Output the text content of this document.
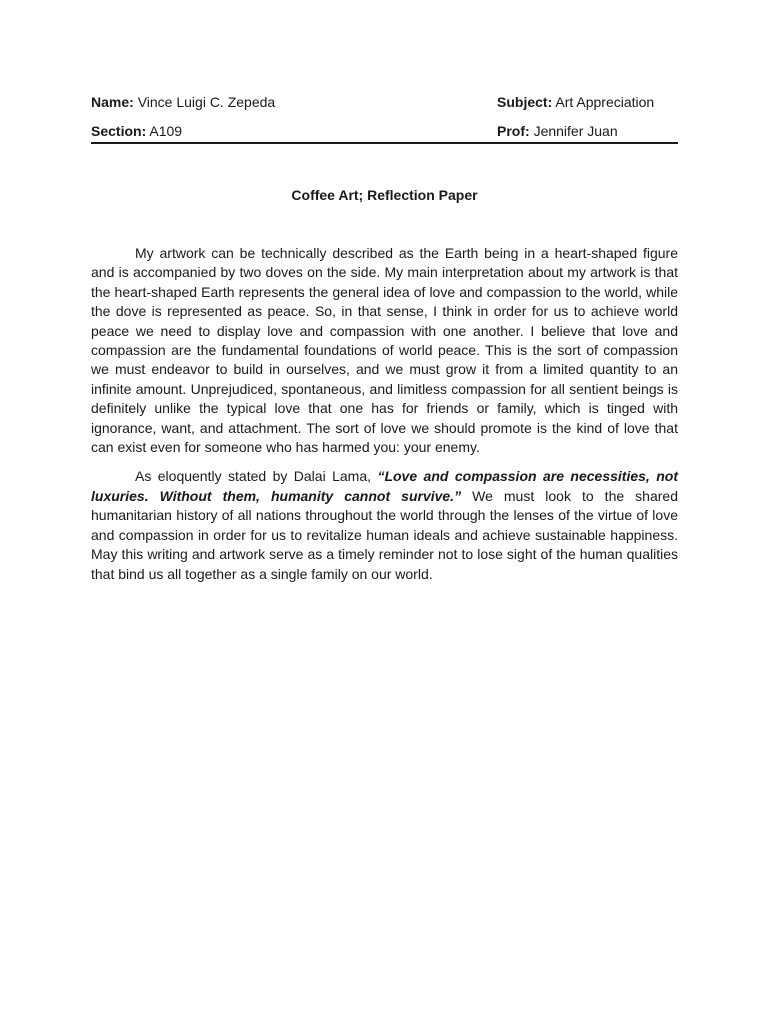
Name: Vince Luigi C. Zepeda	Subject: Art Appreciation
Section: A109	Prof: Jennifer Juan
Coffee Art; Reflection Paper

My artwork can be technically described as the Earth being in a heart-shaped figure and is accompanied by two doves on the side. My main interpretation about my artwork is that the heart-shaped Earth represents the general idea of love and compassion to the world, while the dove is represented as peace. So, in that sense, I think in order for us to achieve world peace we need to display love and compassion with one another. I believe that love and compassion are the fundamental foundations of world peace. This is the sort of compassion we must endeavor to build in ourselves, and we must grow it from a limited quantity to an infinite amount. Unprejudiced, spontaneous, and limitless compassion for all sentient beings is definitely unlike the typical love that one has for friends or family, which is tinged with ignorance, want, and attachment. The sort of love we should promote is the kind of love that can exist even for someone who has harmed you: your enemy.

As eloquently stated by Dalai Lama, “Love and compassion are necessities, not luxuries. Without them, humanity cannot survive.” We must look to the shared humanitarian history of all nations throughout the world through the lenses of the virtue of love and compassion in order for us to revitalize human ideals and achieve sustainable happiness. May this writing and artwork serve as a timely reminder not to lose sight of the human qualities that bind us all together as a single family on our world.
